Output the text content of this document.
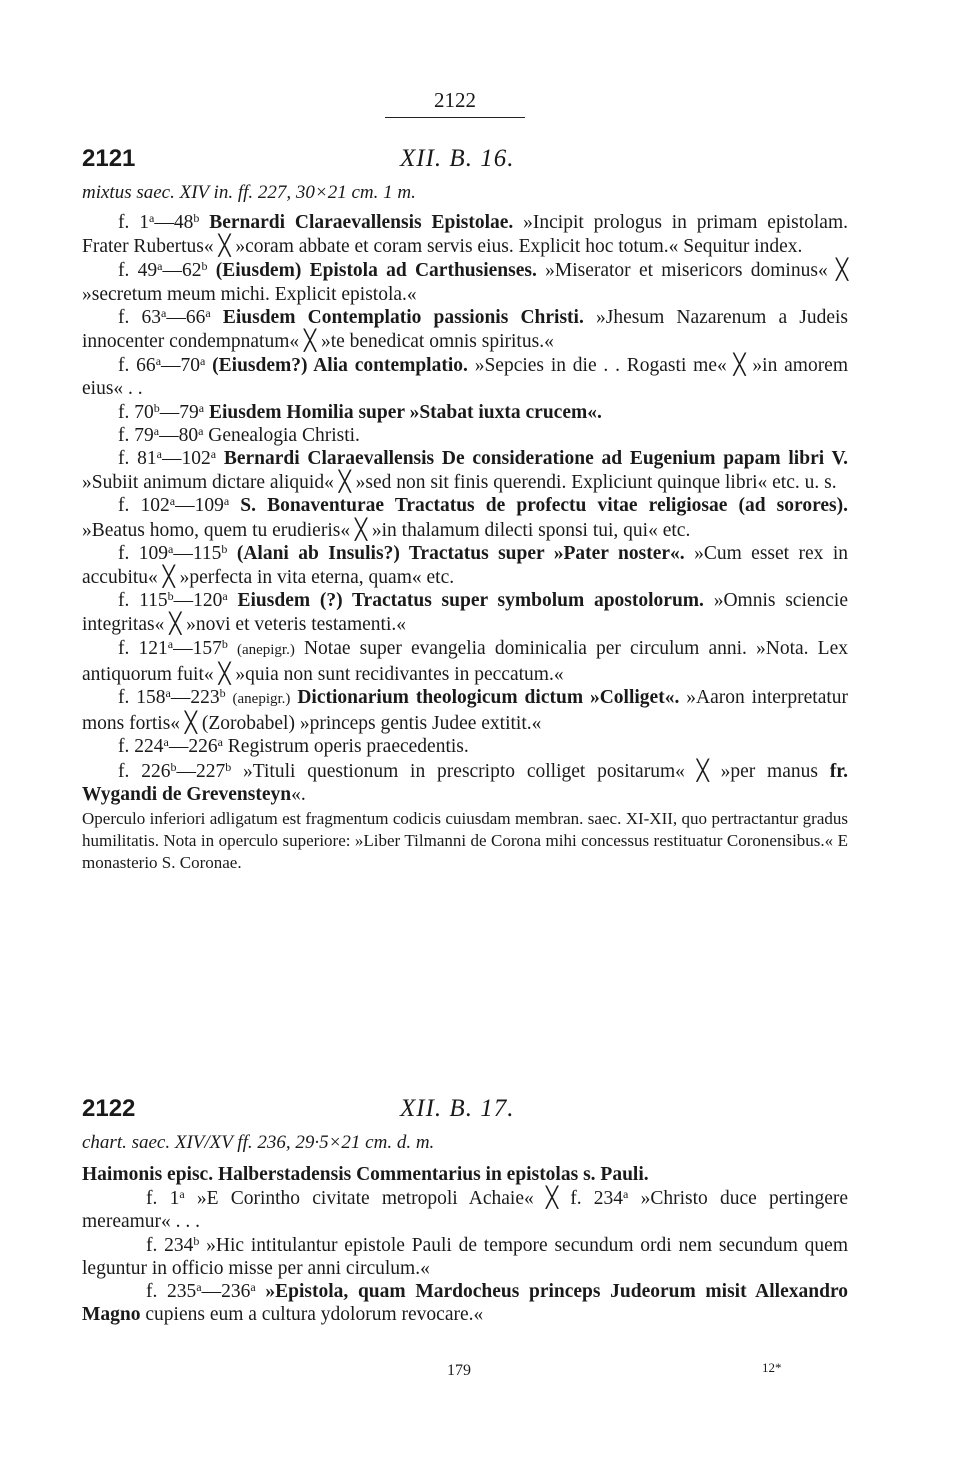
2122
2121	XII. B. 16.
mixtus saec. XIV in. ff. 227, 30×21 cm. 1 m.

f. 1$^a$—48$^b$ Bernardi Claraevallensis Epistolae. »Incipit prologus in primam epistolam. Frater Rubertus« ╳ »coram abbate et coram servis eius. Explicit hoc totum.« Sequitur index.

f. 49$^a$—62$^b$ (Eiusdem) Epistola ad Carthusienses. »Miserator et misericors dominus« ╳ »secretum meum michi. Explicit epistola.«

f. 63$^a$—66$^a$ Eiusdem Contemplatio passionis Christi. »Jhesum Nazarenum a Judeis innocenter condempnatum« ╳ »te benedicat omnis spiritus.«

f. 66$^a$—70$^a$ (Eiusdem?) Alia contemplatio. »Sepcies in die . . Rogasti me« ╳ »in amorem eius« . .

f. 70$^b$—79$^a$ Eiusdem Homilia super »Stabat iuxta crucem«.

f. 79$^a$—80$^a$ Genealogia Christi.

f. 81$^a$—102$^a$ Bernardi Claraevallensis De consideratione ad Eugenium papam libri V. »Subiit animum dictare aliquid« ╳ »sed non sit finis querendi. Expliciunt quinque libri« etc. u. s.

f. 102$^a$—109$^a$ S. Bonaventurae Tractatus de profectu vitae religiosae (ad sorores). »Beatus homo, quem tu erudieris« ╳ »in thalamum dilecti sponsi tui, qui« etc.

f. 109$^a$—115$^b$ (Alani ab Insulis?) Tractatus super »Pater noster«. »Cum esset rex in accubitu« ╳ »perfecta in vita eterna, quam« etc.

f. 115$^b$—120$^a$ Eiusdem (?) Tractatus super symbolum apostolorum. »Omnis sciencie integritas« ╳ »novi et veteris testamenti.«

f. 121$^a$—157$^b$ (anepigr.) Notae super evangelia dominicalia per circulum anni. »Nota. Lex antiquorum fuit« ╳ »quia non sunt recidivantes in peccatum.«

f. 158$^a$—223$^b$ (anepigr.) Dictionarium theologicum dictum »Colliget«. »Aaron interpretatur mons fortis« ╳ (Zorobabel) »princeps gentis Judee extitit.«

f. 224$^a$—226$^a$ Registrum operis praecedentis.

f. 226$^b$—227$^b$ »Tituli questionum in prescripto colliget positarum« ╳ »per manus fr. Wygandi de Grevensteyn«.

Operculo inferiori adligatum est fragmentum codicis cuiusdam membran. saec. XI-XII, quo pertractantur gradus humilitatis. Nota in operculo superiore: »Liber Tilmanni de Corona mihi concessus restituatur Coronensibus.« E monasterio S. Coronae.
2122	XII. B. 17.
chart. saec. XIV/XV ff. 236, 29·5×21 cm. d. m.

Haimonis episc. Halberstadensis Commentarius in epistolas s. Pauli.

f. 1$^a$ »E Corintho civitate metropoli Achaie« ╳ f. 234$^a$ »Christo duce pertingere mereamur« . . .

f. 234$^b$ »Hic intitulantur epistole Pauli de tempore secundum ordi nem secundum quem leguntur in officio misse per anni circulum.«

f. 235$^a$—236$^a$ »Epistola, quam Mardocheus princeps Judeorum misit Allexandro Magno cupiens eum a cultura ydolorum revocare.«

179	12*
